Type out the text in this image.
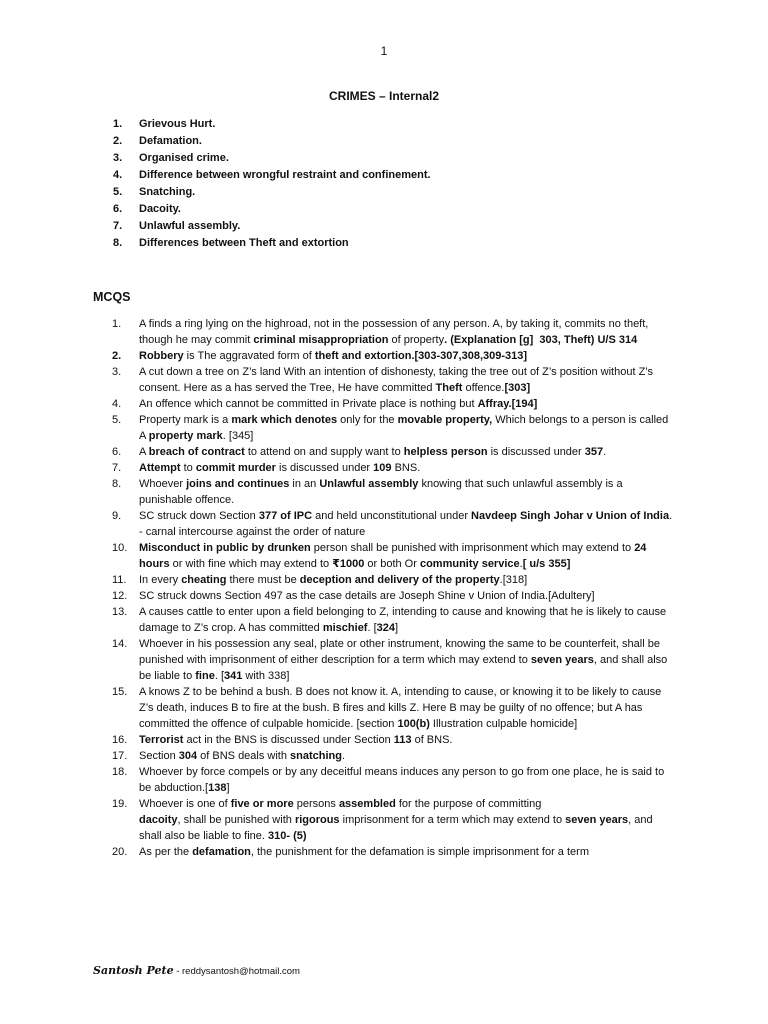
1
CRIMES – Internal2
1. Grievous Hurt.
2. Defamation.
3. Organised crime.
4. Difference between wrongful restraint and confinement.
5. Snatching.
6. Dacoity.
7. Unlawful assembly.
8. Differences between Theft and extortion
MCQS
1.	A finds a ring lying on the highroad, not in the possession of any person. A, by taking it, commits no theft, though he may commit criminal misappropriation of property. (Explanation [g]  303, Theft) U/S 314
2.	Robbery is The aggravated form of theft and extortion.[303-307,308,309-313]
3.	A cut down a tree on Z’s land With an intention of dishonesty, taking the tree out of Z’s position without Z’s consent. Here as a has served the Tree, He have committed Theft offence.[303]
4.	An offence which cannot be committed in Private place is nothing but Affray.[194]
5.	Property mark is a mark which denotes only for the movable property, Which belongs to a person is called A property mark. [345]
6.	A breach of contract to attend on and supply want to helpless person is discussed under 357.
7.	Attempt to commit murder is discussed under 109 BNS.
8.	Whoever joins and continues in an Unlawful assembly knowing that such unlawful assembly is a punishable offence.
9.	SC struck down Section 377 of IPC and held unconstitutional under Navdeep Singh Johar v Union of India. - carnal intercourse against the order of nature
10.	Misconduct in public by drunken person shall be punished with imprisonment which may extend to 24 hours or with fine which may extend to ₹1000 or both Or community service.[ u/s 355]
11.	In every cheating there must be deception and delivery of the property.[318]
12.	SC struck downs Section 497 as the case details are Joseph Shine v Union of India.[Adultery]
13.	A causes cattle to enter upon a field belonging to Z, intending to cause and knowing that he is likely to cause damage to Z’s crop. A has committed mischief. [324]
14.	Whoever in his possession any seal, plate or other instrument, knowing the same to be counterfeit, shall be punished with imprisonment of either description for a term which may extend to seven years, and shall also be liable to fine. [341 with 338]
15.	A knows Z to be behind a bush. B does not know it. A, intending to cause, or knowing it to be likely to cause Z’s death, induces B to fire at the bush. B fires and kills Z. Here B may be guilty of no offence; but A has committed the offence of culpable homicide. [section 100(b) Illustration culpable homicide]
16.	Terrorist act in the BNS is discussed under Section 113 of BNS.
17.	Section 304 of BNS deals with snatching.
18.	Whoever by force compels or by any deceitful means induces any person to go from one place, he is said to be abduction.[138]
19.	Whoever is one of five or more persons assembled for the purpose of committing
dacoity, shall be punished with rigorous imprisonment for a term which may extend to seven years, and shall also be liable to fine. 310- (5)
20.	As per the defamation, the punishment for the defamation is simple imprisonment for a term
Santosh Pete - reddysantosh@hotmail.com
